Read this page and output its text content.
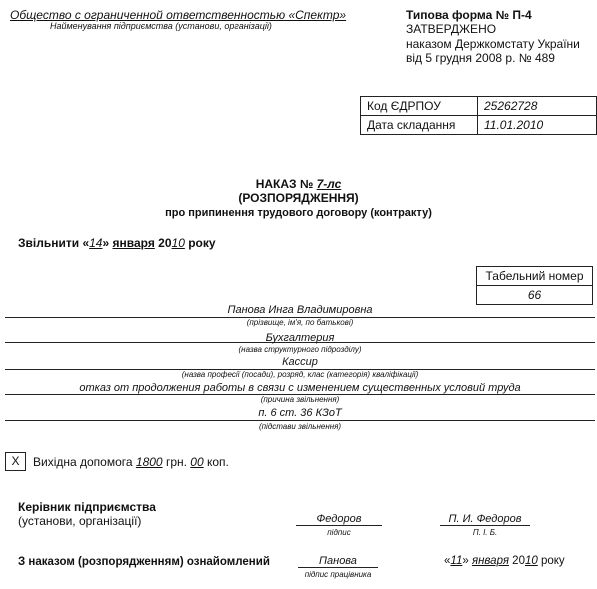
Общество с ограниченной ответственностью «Спектр»
Найменування підприємства (установи, організації)
Типова форма № П-4
ЗАТВЕРДЖЕНО
наказом Держкомстату України
від 5 грудня 2008 р. № 489
Код ЄДРПОУ	25262728
Дата складання	11.01.2010
НАКАЗ № 7-лс
(РОЗПОРЯДЖЕННЯ)
про припинення трудового договору (контракту)
Звільнити «14» января 2010 року
Табельний номер
66
Панова Инга Владимировна
(прізвище, ім'я, по батькові)
Бухгалтерия
(назва структурного підрозділу)
Кассир
(назва професії (посади), розряд, клас (категорія) кваліфікації)
отказ от продолжения работы в связи с изменением существенных условий труда
(причина звільнення)
п. 6 ст. 36 КЗоТ
(підстави звільнення)
Х	Вихідна допомога 1800 грн. 00 коп.
Керівник підприємства
(установи, організації)	Федоров
підпис
П. И. Федоров
П. І. Б.
З наказом (розпорядженням) ознайомлений	Панова
підпис працівника
«11» января 2010 року
